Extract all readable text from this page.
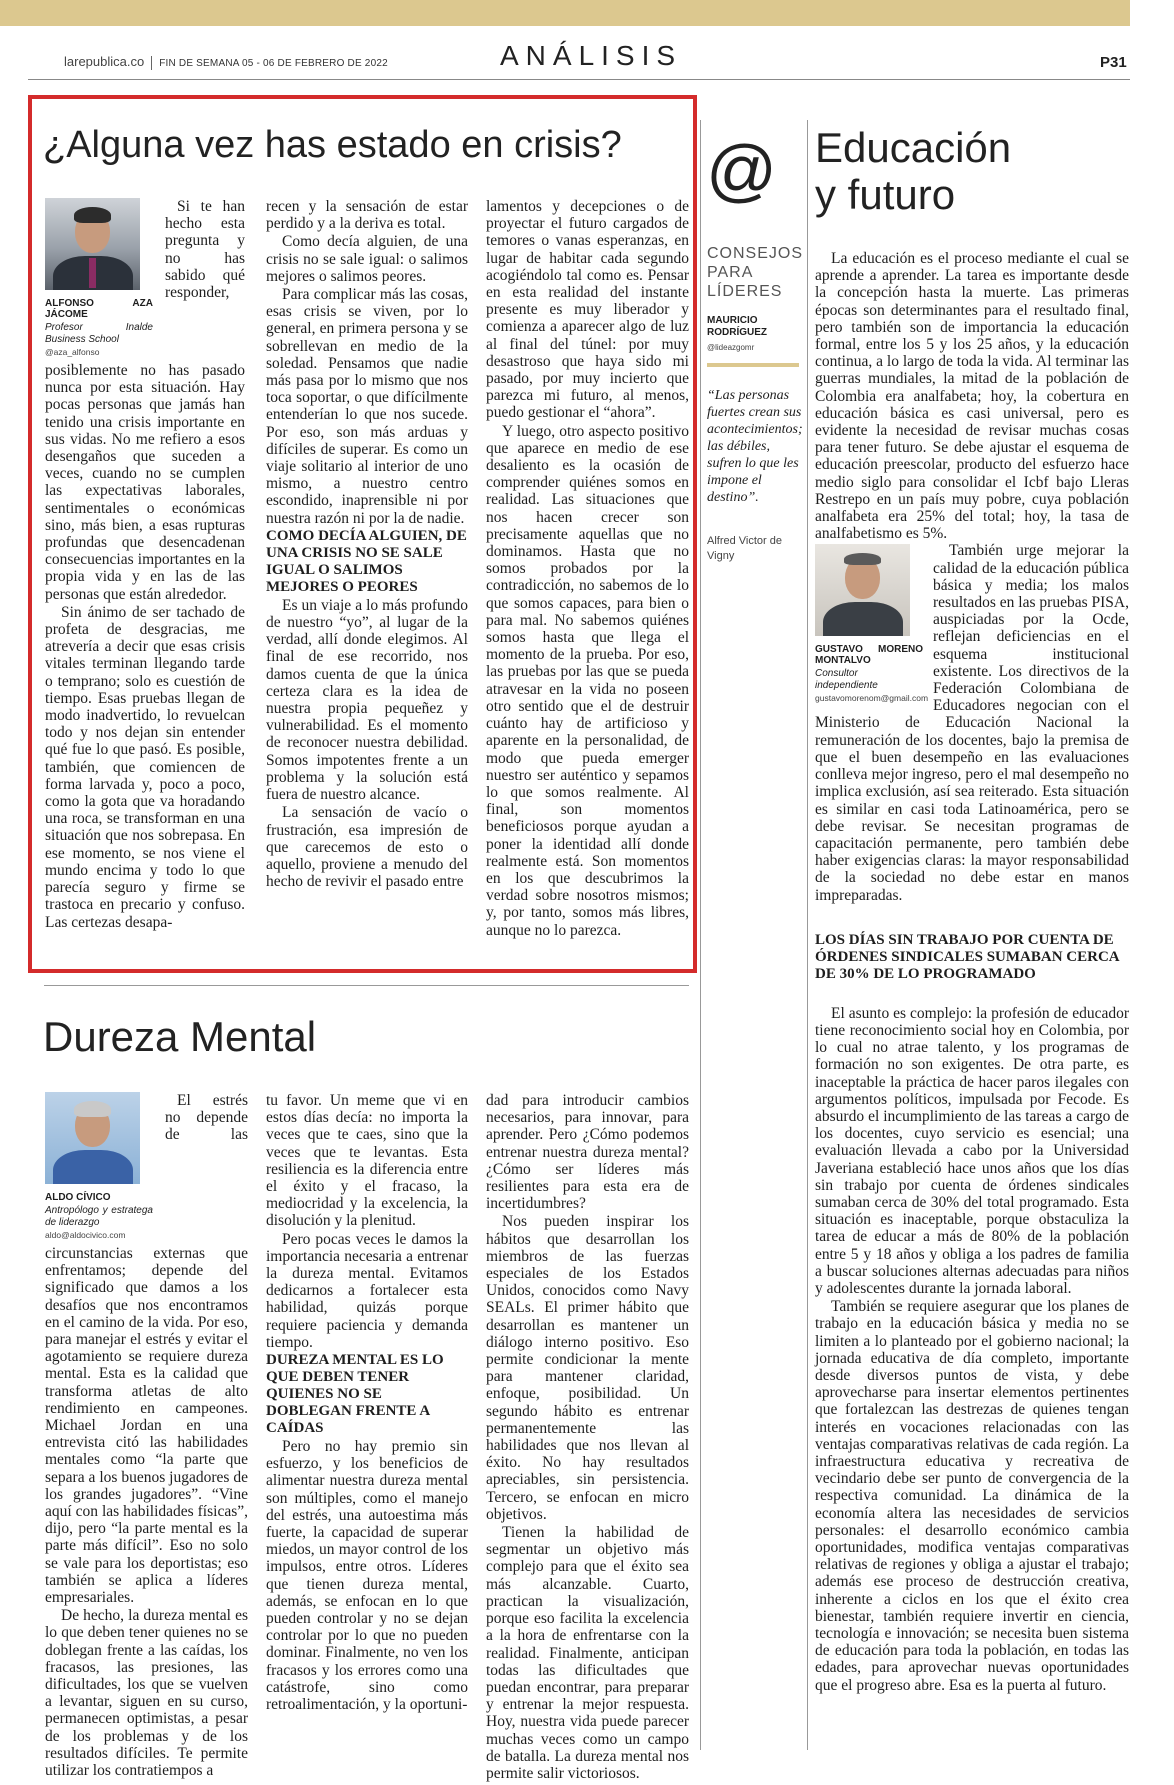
larepublica.co FIN DE SEMANA 05 - 06 DE FEBRERO DE 2022	ANÁLISIS	P31
¿Alguna vez has estado en crisis?
ALFONSO AZA JÁCOME
Profesor Inalde Business School
@aza_alfonso

Si te han hecho esta pregunta y no has sabido qué responder, posiblemente no has pasado nunca por esta situación. Hay pocas personas que jamás han tenido una crisis importante en sus vidas. No me refiero a esos desengaños que suceden a veces, cuando no se cumplen las expectativas laborales, sentimentales o económicas sino, más bien, a esas rupturas profundas que desencadenan consecuencias importantes en la propia vida y en las de las personas que están alrededor.

Sin ánimo de ser tachado de profeta de desgracias, me atrevería a decir que esas crisis vitales terminan llegando tarde o temprano; solo es cuestión de tiempo. Esas pruebas llegan de modo inadvertido, lo revuelcan todo y nos dejan sin entender qué fue lo que pasó. Es posible, también, que comiencen de forma larvada y, poco a poco, como la gota que va horadando una roca, se transforman en una situación que nos sobrepasa. En ese momento, se nos viene el mundo encima y todo lo que parecía seguro y firme se trastoca en precario y confuso. Las certezas desapa-

recen y la sensación de estar perdido y a la deriva es total.

Como decía alguien, de una crisis no se sale igual: o salimos mejores o salimos peores.

Para complicar más las cosas, esas crisis se viven, por lo general, en primera persona y se sobrellevan en medio de la soledad. Pensamos que nadie más pasa por lo mismo que nos toca soportar, o que difícilmente entenderían lo que nos sucede. Por eso, son más arduas y difíciles de superar. Es como un viaje solitario al interior de uno mismo, a nuestro centro escondido, inaprensible ni por nuestra razón ni por la de nadie.

COMO DECÍA ALGUIEN, DE UNA CRISIS NO SE SALE IGUAL O SALIMOS MEJORES O PEORES

Es un viaje a lo más profundo de nuestro “yo”, al lugar de la verdad, allí donde elegimos. Al final de ese recorrido, nos damos cuenta de que la única certeza clara es la idea de nuestra propia pequeñez y vulnerabilidad. Es el momento de reconocer nuestra debilidad. Somos impotentes frente a un problema y la solución está fuera de nuestro alcance.

La sensación de vacío o frustración, esa impresión de que carecemos de esto o aquello, proviene a menudo del hecho de revivir el pasado entre

lamentos y decepciones o de proyectar el futuro cargados de temores o vanas esperanzas, en lugar de habitar cada segundo acogiéndolo tal como es. Pensar en esta realidad del instante presente es muy liberador y comienza a aparecer algo de luz al final del túnel: por muy desastroso que haya sido mi pasado, por muy incierto que parezca mi futuro, al menos, puedo gestionar el “ahora”.

Y luego, otro aspecto positivo que aparece en medio de ese desaliento es la ocasión de comprender quiénes somos en realidad. Las situaciones que nos hacen crecer son precisamente aquellas que no dominamos. Hasta que no somos probados por la contradicción, no sabemos de lo que somos capaces, para bien o para mal. No sabemos quiénes somos hasta que llega el momento de la prueba. Por eso, las pruebas por las que se pueda atravesar en la vida no poseen otro sentido que el de destruir cuánto hay de artificioso y aparente en la personalidad, de modo que pueda emerger nuestro ser auténtico y sepamos lo que somos realmente. Al final, son momentos beneficiosos porque ayudan a poner la identidad allí donde realmente está. Son momentos en los que descubrimos la verdad sobre nosotros mismos; y, por tanto, somos más libres, aunque no lo parezca.

@
CONSEJOS
PARA
LÍDERES
MAURICIO RODRÍGUEZ
@lideazgomr
“Las personas fuertes crean sus acontecimientos; las débiles, sufren lo que les impone el destino”.
Alfred Victor de Vigny
Educación
y futuro

La educación es el proceso mediante el cual se aprende a aprender. La tarea es importante desde la concepción hasta la muerte. Las primeras épocas son determinantes para el resultado final, pero también son de importancia la educación formal, entre los 5 y los 25 años, y la educación continua, a lo largo de toda la vida. Al terminar las guerras mundiales, la mitad de la población de Colombia era analfabeta; hoy, la cobertura en educación básica es casi universal, pero es evidente la necesidad de revisar muchas cosas para tener futuro. Se debe ajustar el esquema de educación preescolar, producto del esfuerzo hace medio siglo para consolidar el Icbf bajo Lleras Restrepo en un país muy pobre, cuya población analfabeta era 25% del total; hoy, la tasa de analfabetismo es 5%.

GUSTAVO MORENO MONTALVO
Consultor independiente
gustavomorenom@gmail.com

También urge mejorar la calidad de la educación pública básica y media; los malos resultados en las pruebas PISA, auspiciadas por la Ocde, reflejan deficiencias en el esquema institucional existente. Los directivos de la Federación Colombiana de Educadores negocian con el Ministerio de Educación Nacional la remuneración de los docentes, bajo la premisa de que el buen desempeño en las evaluaciones conlleva mejor ingreso, pero el mal desempeño no implica exclusión, así sea reiterado. Esta situación es similar en casi toda Latinoamérica, pero se debe revisar. Se necesitan programas de capacitación permanente, pero también debe haber exigencias claras: la mayor responsabilidad de la sociedad no debe estar en manos impreparadas.

LOS DÍAS SIN TRABAJO POR CUENTA DE ÓRDENES SINDICALES SUMABAN CERCA DE 30% DE LO PROGRAMADO

El asunto es complejo: la profesión de educador tiene reconocimiento social hoy en Colombia, por lo cual no atrae talento, y los programas de formación no son exigentes. De otra parte, es inaceptable la práctica de hacer paros ilegales con argumentos políticos, impulsada por Fecode. Es absurdo el incumplimiento de las tareas a cargo de los docentes, cuyo servicio es esencial; una evaluación llevada a cabo por la Universidad Javeriana estableció hace unos años que los días sin trabajo por cuenta de órdenes sindicales sumaban cerca de 30% del total programado. Esta situación es inaceptable, porque obstaculiza la tarea de educar a más de 80% de la población entre 5 y 18 años y obliga a los padres de familia a buscar soluciones alternas adecuadas para niños y adolescentes durante la jornada laboral.

También se requiere asegurar que los planes de trabajo en la educación básica y media no se limiten a lo planteado por el gobierno nacional; la jornada educativa de día completo, importante desde diversos puntos de vista, y debe aprovecharse para insertar elementos pertinentes que fortalezcan las destrezas de quienes tengan interés en vocaciones relacionadas con las ventajas comparativas relativas de cada región. La infraestructura educativa y recreativa de vecindario debe ser punto de convergencia de la respectiva comunidad. La dinámica de la economía altera las necesidades de servicios personales: el desarrollo económico cambia oportunidades, modifica ventajas comparativas relativas de regiones y obliga a ajustar el trabajo; además ese proceso de destrucción creativa, inherente a ciclos en los que el éxito crea bienestar, también requiere invertir en ciencia, tecnología e innovación; se necesita buen sistema de educación para toda la población, en todas las edades, para aprovechar nuevas oportunidades que el progreso abre. Esa es la puerta al futuro.

Dureza Mental
ALDO CÍVICO
Antropólogo y estratega de liderazgo
aldo@aldocivico.com

El estrés no depende de las circunstancias externas que enfrentamos; depende del significado que damos a los desafíos que nos encontramos en el camino de la vida. Por eso, para manejar el estrés y evitar el agotamiento se requiere dureza mental. Esta es la calidad que transforma atletas de alto rendimiento en campeones. Michael Jordan en una entrevista citó las habilidades mentales como “la parte que separa a los buenos jugadores de los grandes jugadores”. “Vine aquí con las habilidades físicas”, dijo, pero “la parte mental es la parte más difícil”. Eso no solo se vale para los deportistas; eso también se aplica a líderes empresariales.

De hecho, la dureza mental es lo que deben tener quienes no se doblegan frente a las caídas, los fracasos, las presiones, las dificultades, los que se vuelven a levantar, siguen en su curso, permanecen optimistas, a pesar de los problemas y de los resultados difíciles. Te permite utilizar los contratiempos a

tu favor. Un meme que vi en estos días decía: no importa la veces que te caes, sino que la veces que te levantas. Esta resiliencia es la diferencia entre el éxito y el fracaso, la mediocridad y la excelencia, la disolución y la plenitud.

Pero pocas veces le damos la importancia necesaria a entrenar la dureza mental. Evitamos dedicarnos a fortalecer esta habilidad, quizás porque requiere paciencia y demanda tiempo.

DUREZA MENTAL ES LO QUE DEBEN TENER QUIENES NO SE DOBLEGAN FRENTE A CAÍDAS

Pero no hay premio sin esfuerzo, y los beneficios de alimentar nuestra dureza mental son múltiples, como el manejo del estrés, una autoestima más fuerte, la capacidad de superar miedos, un mayor control de los impulsos, entre otros. Líderes que tienen dureza mental, además, se enfocan en lo que pueden controlar y no se dejan controlar por lo que no pueden dominar. Finalmente, no ven los fracasos y los errores como una catástrofe, sino como retroalimentación, y la oportuni-

dad para introducir cambios necesarios, para innovar, para aprender. Pero ¿Cómo podemos entrenar nuestra dureza mental? ¿Cómo ser líderes más resilientes para esta era de incertidumbres?

Nos pueden inspirar los hábitos que desarrollan los miembros de las fuerzas especiales de los Estados Unidos, conocidos como Navy SEALs. El primer hábito que desarrollan es mantener un diálogo interno positivo. Eso permite condicionar la mente para mantener claridad, enfoque, posibilidad. Un segundo hábito es entrenar permanentemente las habilidades que nos llevan al éxito. No hay resultados apreciables, sin persistencia. Tercero, se enfocan en micro objetivos.

Tienen la habilidad de segmentar un objetivo más complejo para que el éxito sea más alcanzable. Cuarto, practican la visualización, porque eso facilita la excelencia a la hora de enfrentarse con la realidad. Finalmente, anticipan todas las dificultades que puedan encontrar, para preparar y entrenar la mejor respuesta. Hoy, nuestra vida puede parecer muchas veces como un campo de batalla. La dureza mental nos permite salir victoriosos.
